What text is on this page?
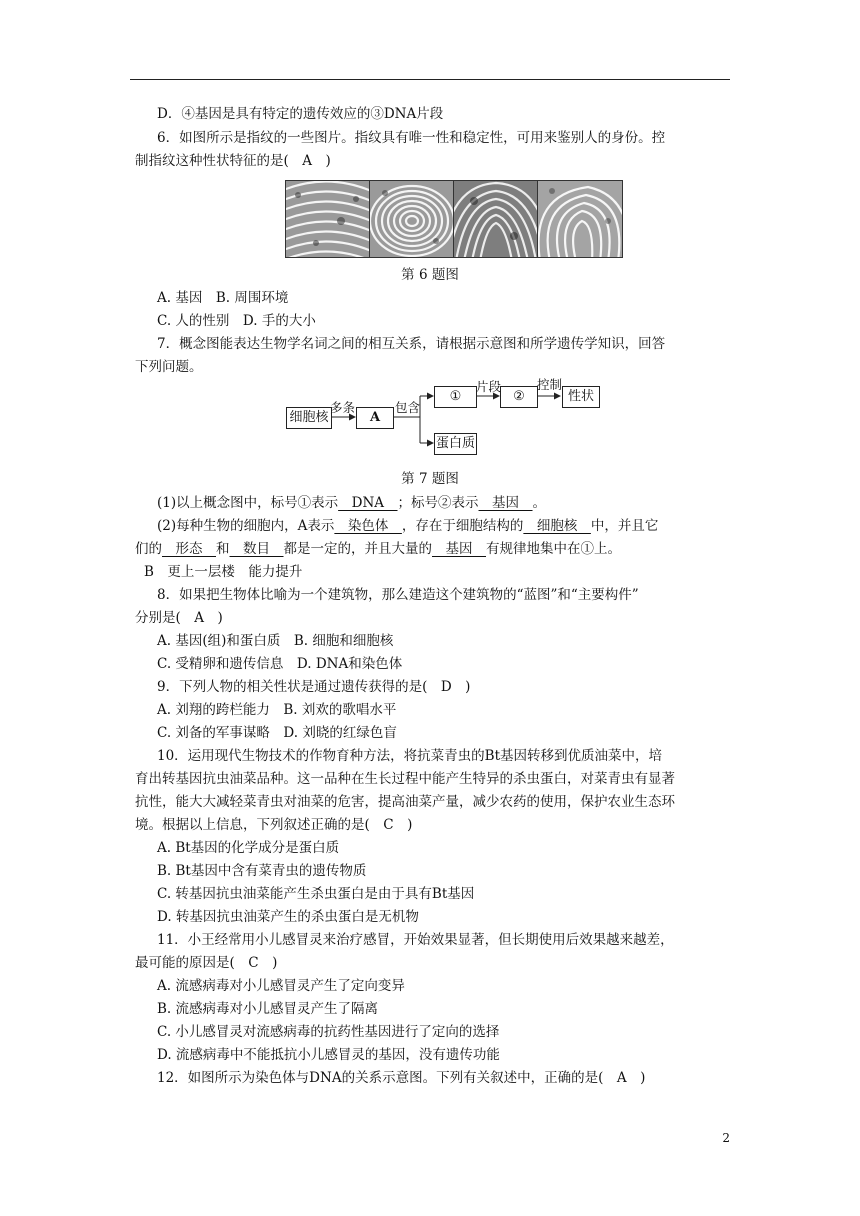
D．④基因是具有特定的遗传效应的③DNA片段
6．如图所示是指纹的一些图片。指纹具有唯一性和稳定性，可用来鉴别人的身份。控
制指纹这种性状特征的是(　A　)
第 6 题图
A. 基因　B. 周围环境
C. 人的性别　D. 手的大小
7．概念图能表达生物学名词之间的相互关系，请根据示意图和所学遗传学知识，回答
下列问题。
细胞核	A
①	②	性状
蛋白质
多条	包含
片段	控制
第 7 题图
(1)以上概念图中，标号①表示　DNA　；标号②表示　基因　。
(2)每种生物的细胞内，A表示　染色体　，存在于细胞结构的　细胞核　中，并且它
们的　形态　和　数目　都是一定的，并且大量的　基因　有规律地集中在①上。
B　更上一层楼　能力提升
8．如果把生物体比喻为一个建筑物，那么建造这个建筑物的“蓝图”和“主要构件”
分别是(　A　)
A. 基因(组)和蛋白质　B. 细胞和细胞核
C. 受精卵和遗传信息　D. DNA和染色体
9．下列人物的相关性状是通过遗传获得的是(　D　)
A. 刘翔的跨栏能力　B. 刘欢的歌唱水平
C. 刘备的军事谋略　D. 刘晓的红绿色盲
10．运用现代生物技术的作物育种方法，将抗菜青虫的Bt基因转移到优质油菜中，培
育出转基因抗虫油菜品种。这一品种在生长过程中能产生特异的杀虫蛋白，对菜青虫有显著
抗性，能大大减轻菜青虫对油菜的危害，提高油菜产量，减少农药的使用，保护农业生态环
境。根据以上信息，下列叙述正确的是(　C　)
A. Bt基因的化学成分是蛋白质
B. Bt基因中含有菜青虫的遗传物质
C. 转基因抗虫油菜能产生杀虫蛋白是由于具有Bt基因
D. 转基因抗虫油菜产生的杀虫蛋白是无机物
11．小王经常用小儿感冒灵来治疗感冒，开始效果显著，但长期使用后效果越来越差，
最可能的原因是(　C　)
A. 流感病毒对小儿感冒灵产生了定向变异
B. 流感病毒对小儿感冒灵产生了隔离
C. 小儿感冒灵对流感病毒的抗药性基因进行了定向的选择
D. 流感病毒中不能抵抗小儿感冒灵的基因，没有遗传功能
12．如图所示为染色体与DNA的关系示意图。下列有关叙述中，正确的是(　A　)
2
